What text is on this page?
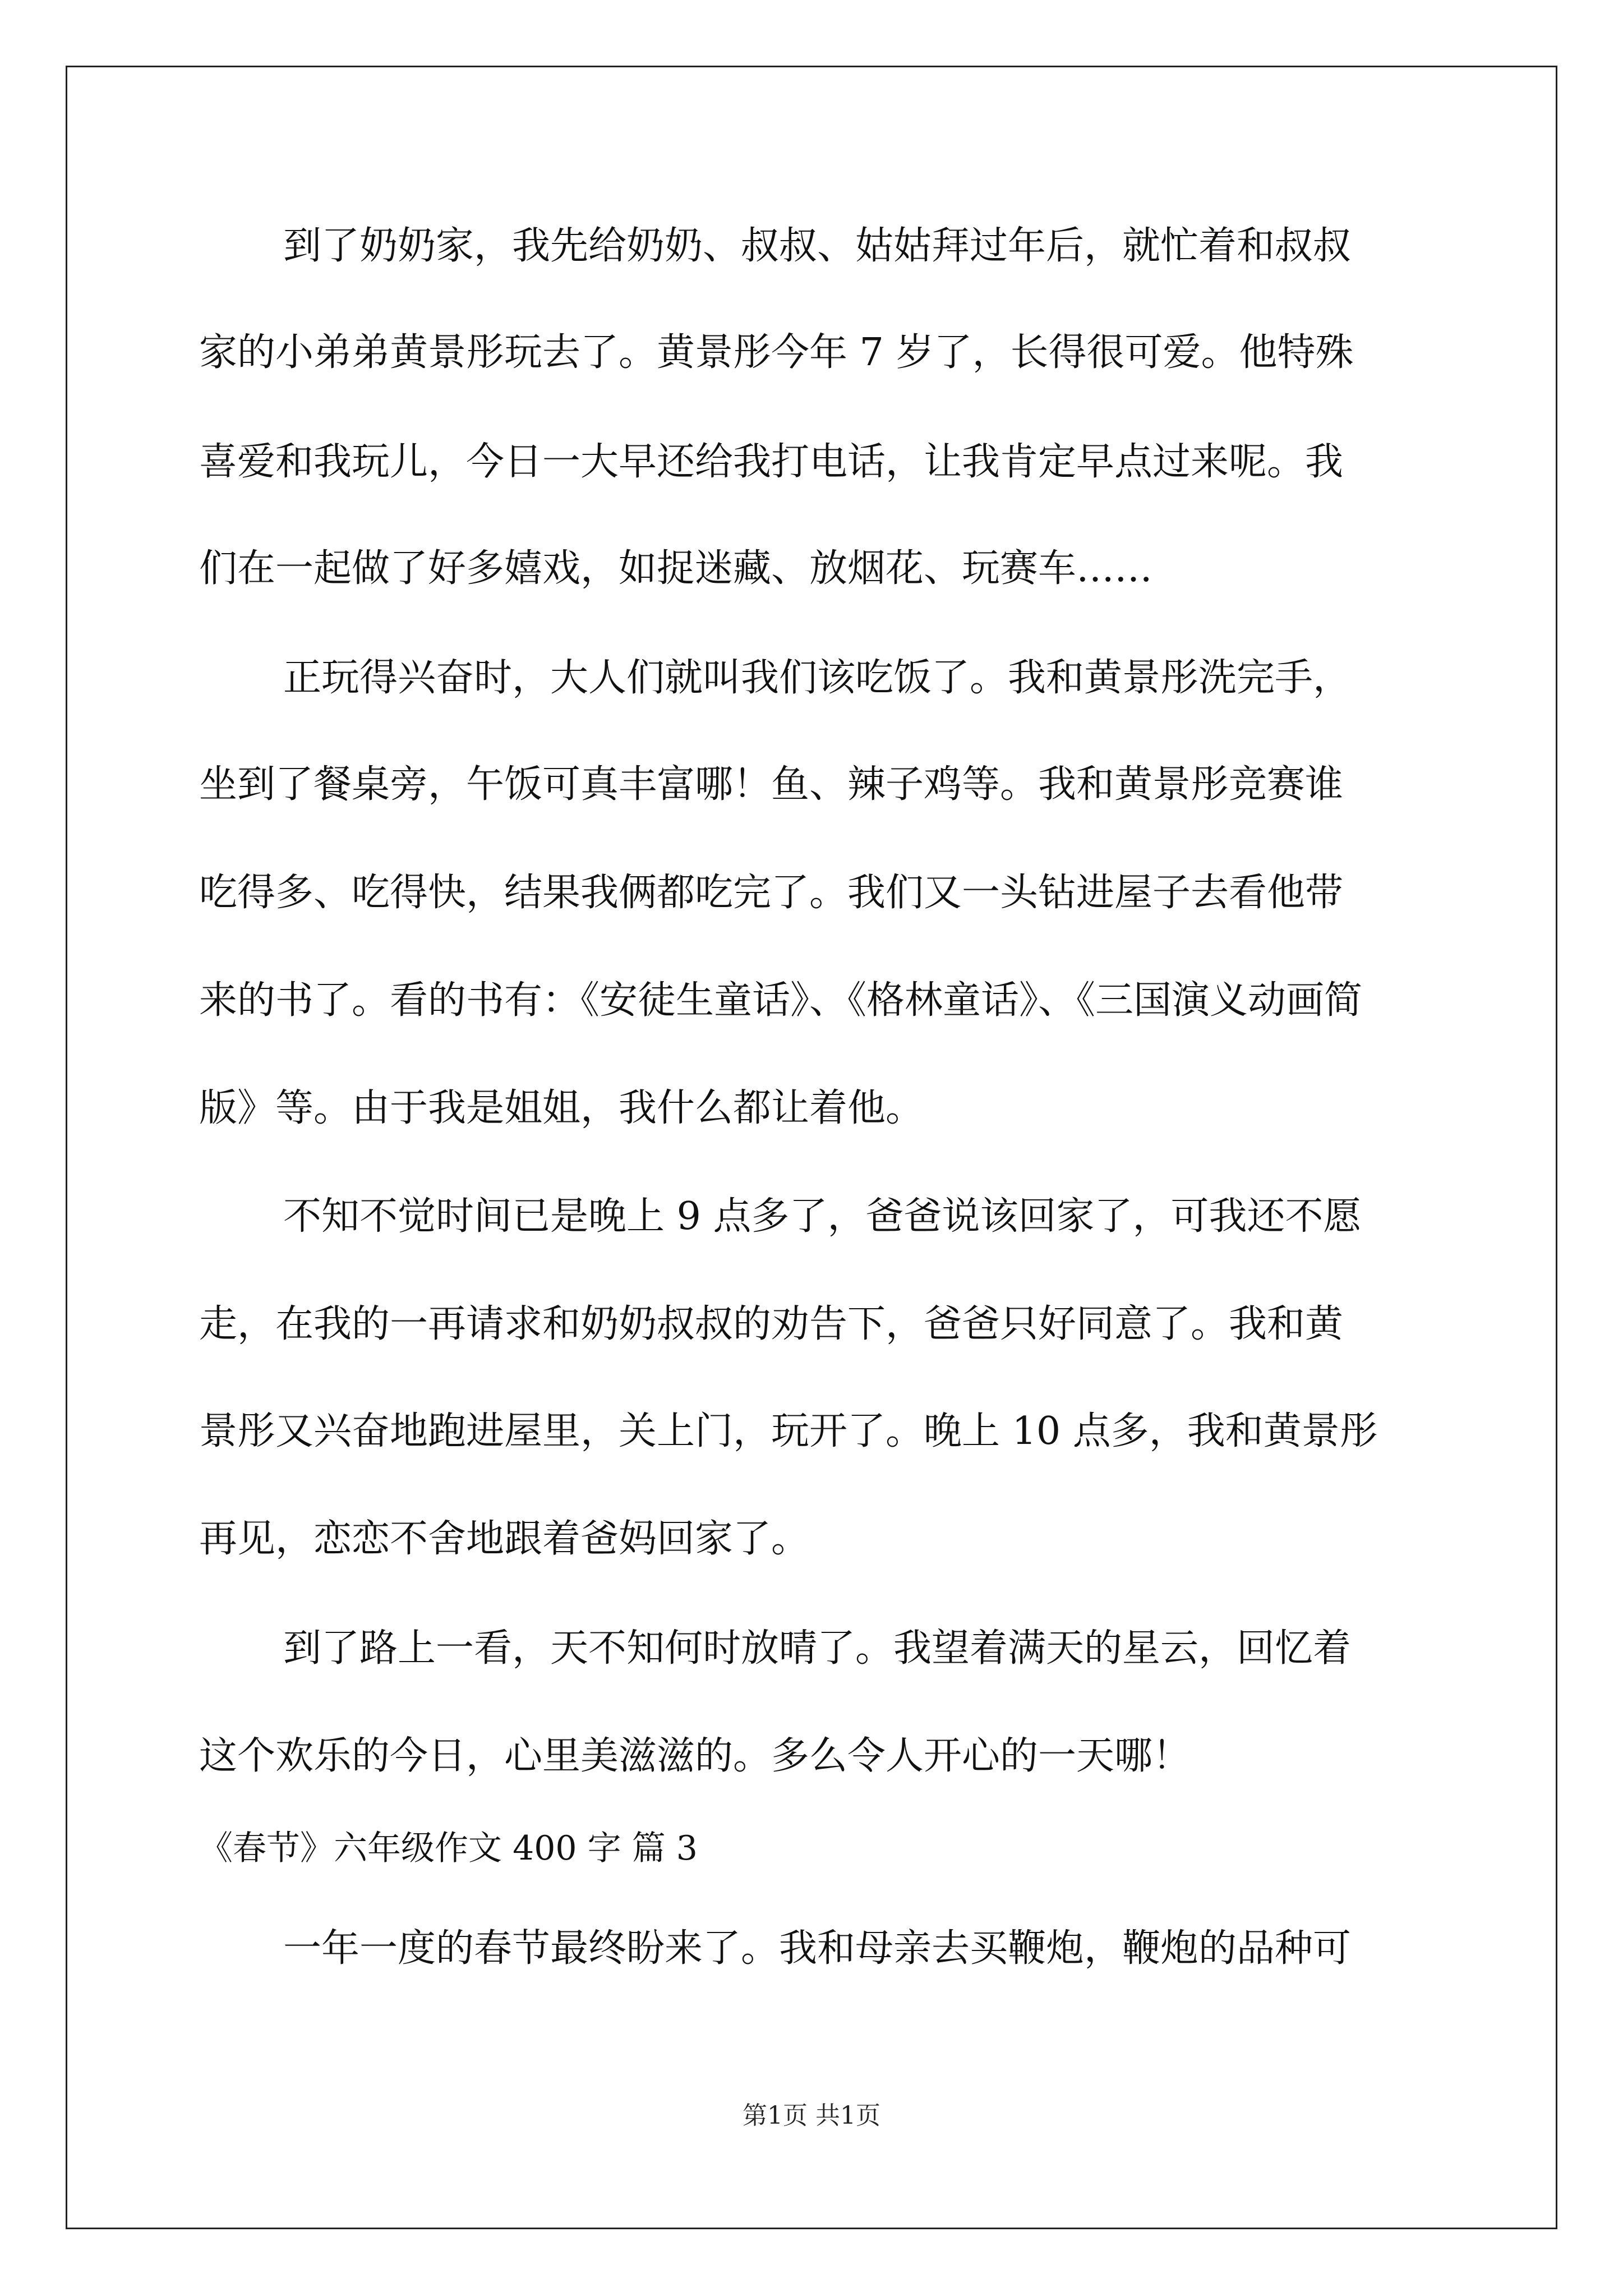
到了奶奶家，我先给奶奶、叔叔、姑姑拜过年后，就忙着和叔叔
家的小弟弟黄景彤玩去了。黄景彤今年 7 岁了，长得很可爱。他特殊
喜爱和我玩儿，今日一大早还给我打电话，让我肯定早点过来呢。我
们在一起做了好多嬉戏，如捉迷藏、放烟花、玩赛车……
正玩得兴奋时，大人们就叫我们该吃饭了。我和黄景彤洗完手，
坐到了餐桌旁，午饭可真丰富哪！鱼、辣子鸡等。我和黄景彤竞赛谁
吃得多、吃得快，结果我俩都吃完了。我们又一头钻进屋子去看他带
来的书了。看的书有：《安徒生童话》、《格林童话》、《三国演义动画简
版》等。由于我是姐姐，我什么都让着他。
不知不觉时间已是晚上 9 点多了，爸爸说该回家了，可我还不愿
走，在我的一再请求和奶奶叔叔的劝告下，爸爸只好同意了。我和黄
景彤又兴奋地跑进屋里，关上门，玩开了。晚上 10 点多，我和黄景彤
再见，恋恋不舍地跟着爸妈回家了。
到了路上一看，天不知何时放晴了。我望着满天的星云，回忆着
这个欢乐的今日，心里美滋滋的。多么令人开心的一天哪！
《春节》六年级作文 400 字 篇 3
一年一度的春节最终盼来了。我和母亲去买鞭炮，鞭炮的品种可
第1页 共1页
